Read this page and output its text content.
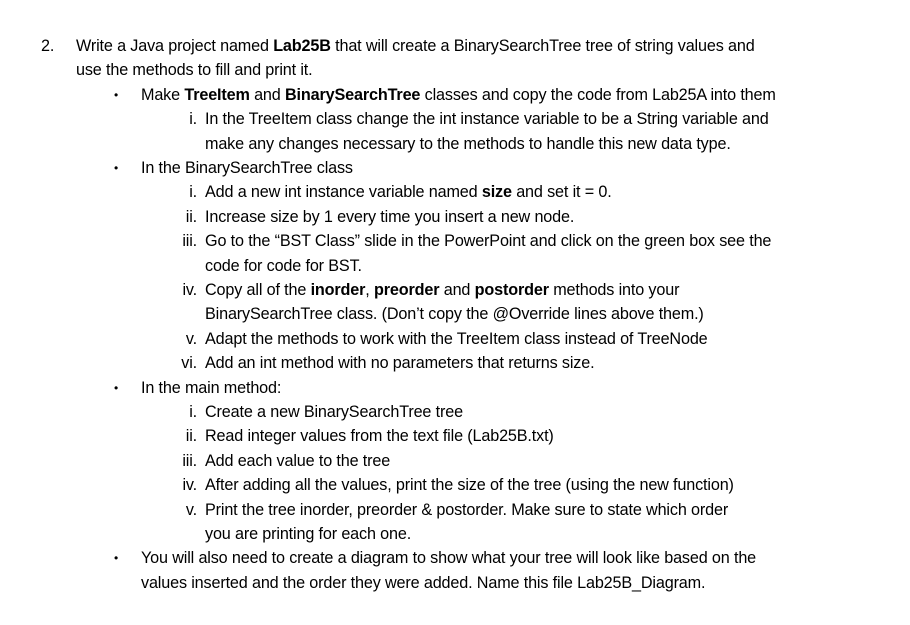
2. Write a Java project named Lab25B that will create a BinarySearchTree tree of string values and
use the methods to fill and print it.
• Make TreeItem and BinarySearchTree classes and copy the code from Lab25A into them
i. In the TreeItem class change the int instance variable to be a String variable and
make any changes necessary to the methods to handle this new data type.
• In the BinarySearchTree class
i. Add a new int instance variable named size and set it = 0.
ii. Increase size by 1 every time you insert a new node.
iii. Go to the “BST Class” slide in the PowerPoint and click on the green box see the
code for code for BST.
iv. Copy all of the inorder, preorder and postorder methods into your
BinarySearchTree class. (Don’t copy the @Override lines above them.)
v. Adapt the methods to work with the TreeItem class instead of TreeNode
vi. Add an int method with no parameters that returns size.
• In the main method:
i. Create a new BinarySearchTree tree
ii. Read integer values from the text file (Lab25B.txt)
iii. Add each value to the tree
iv. After adding all the values, print the size of the tree (using the new function)
v. Print the tree inorder, preorder & postorder. Make sure to state which order
you are printing for each one.
• You will also need to create a diagram to show what your tree will look like based on the
values inserted and the order they were added. Name this file Lab25B_Diagram.
